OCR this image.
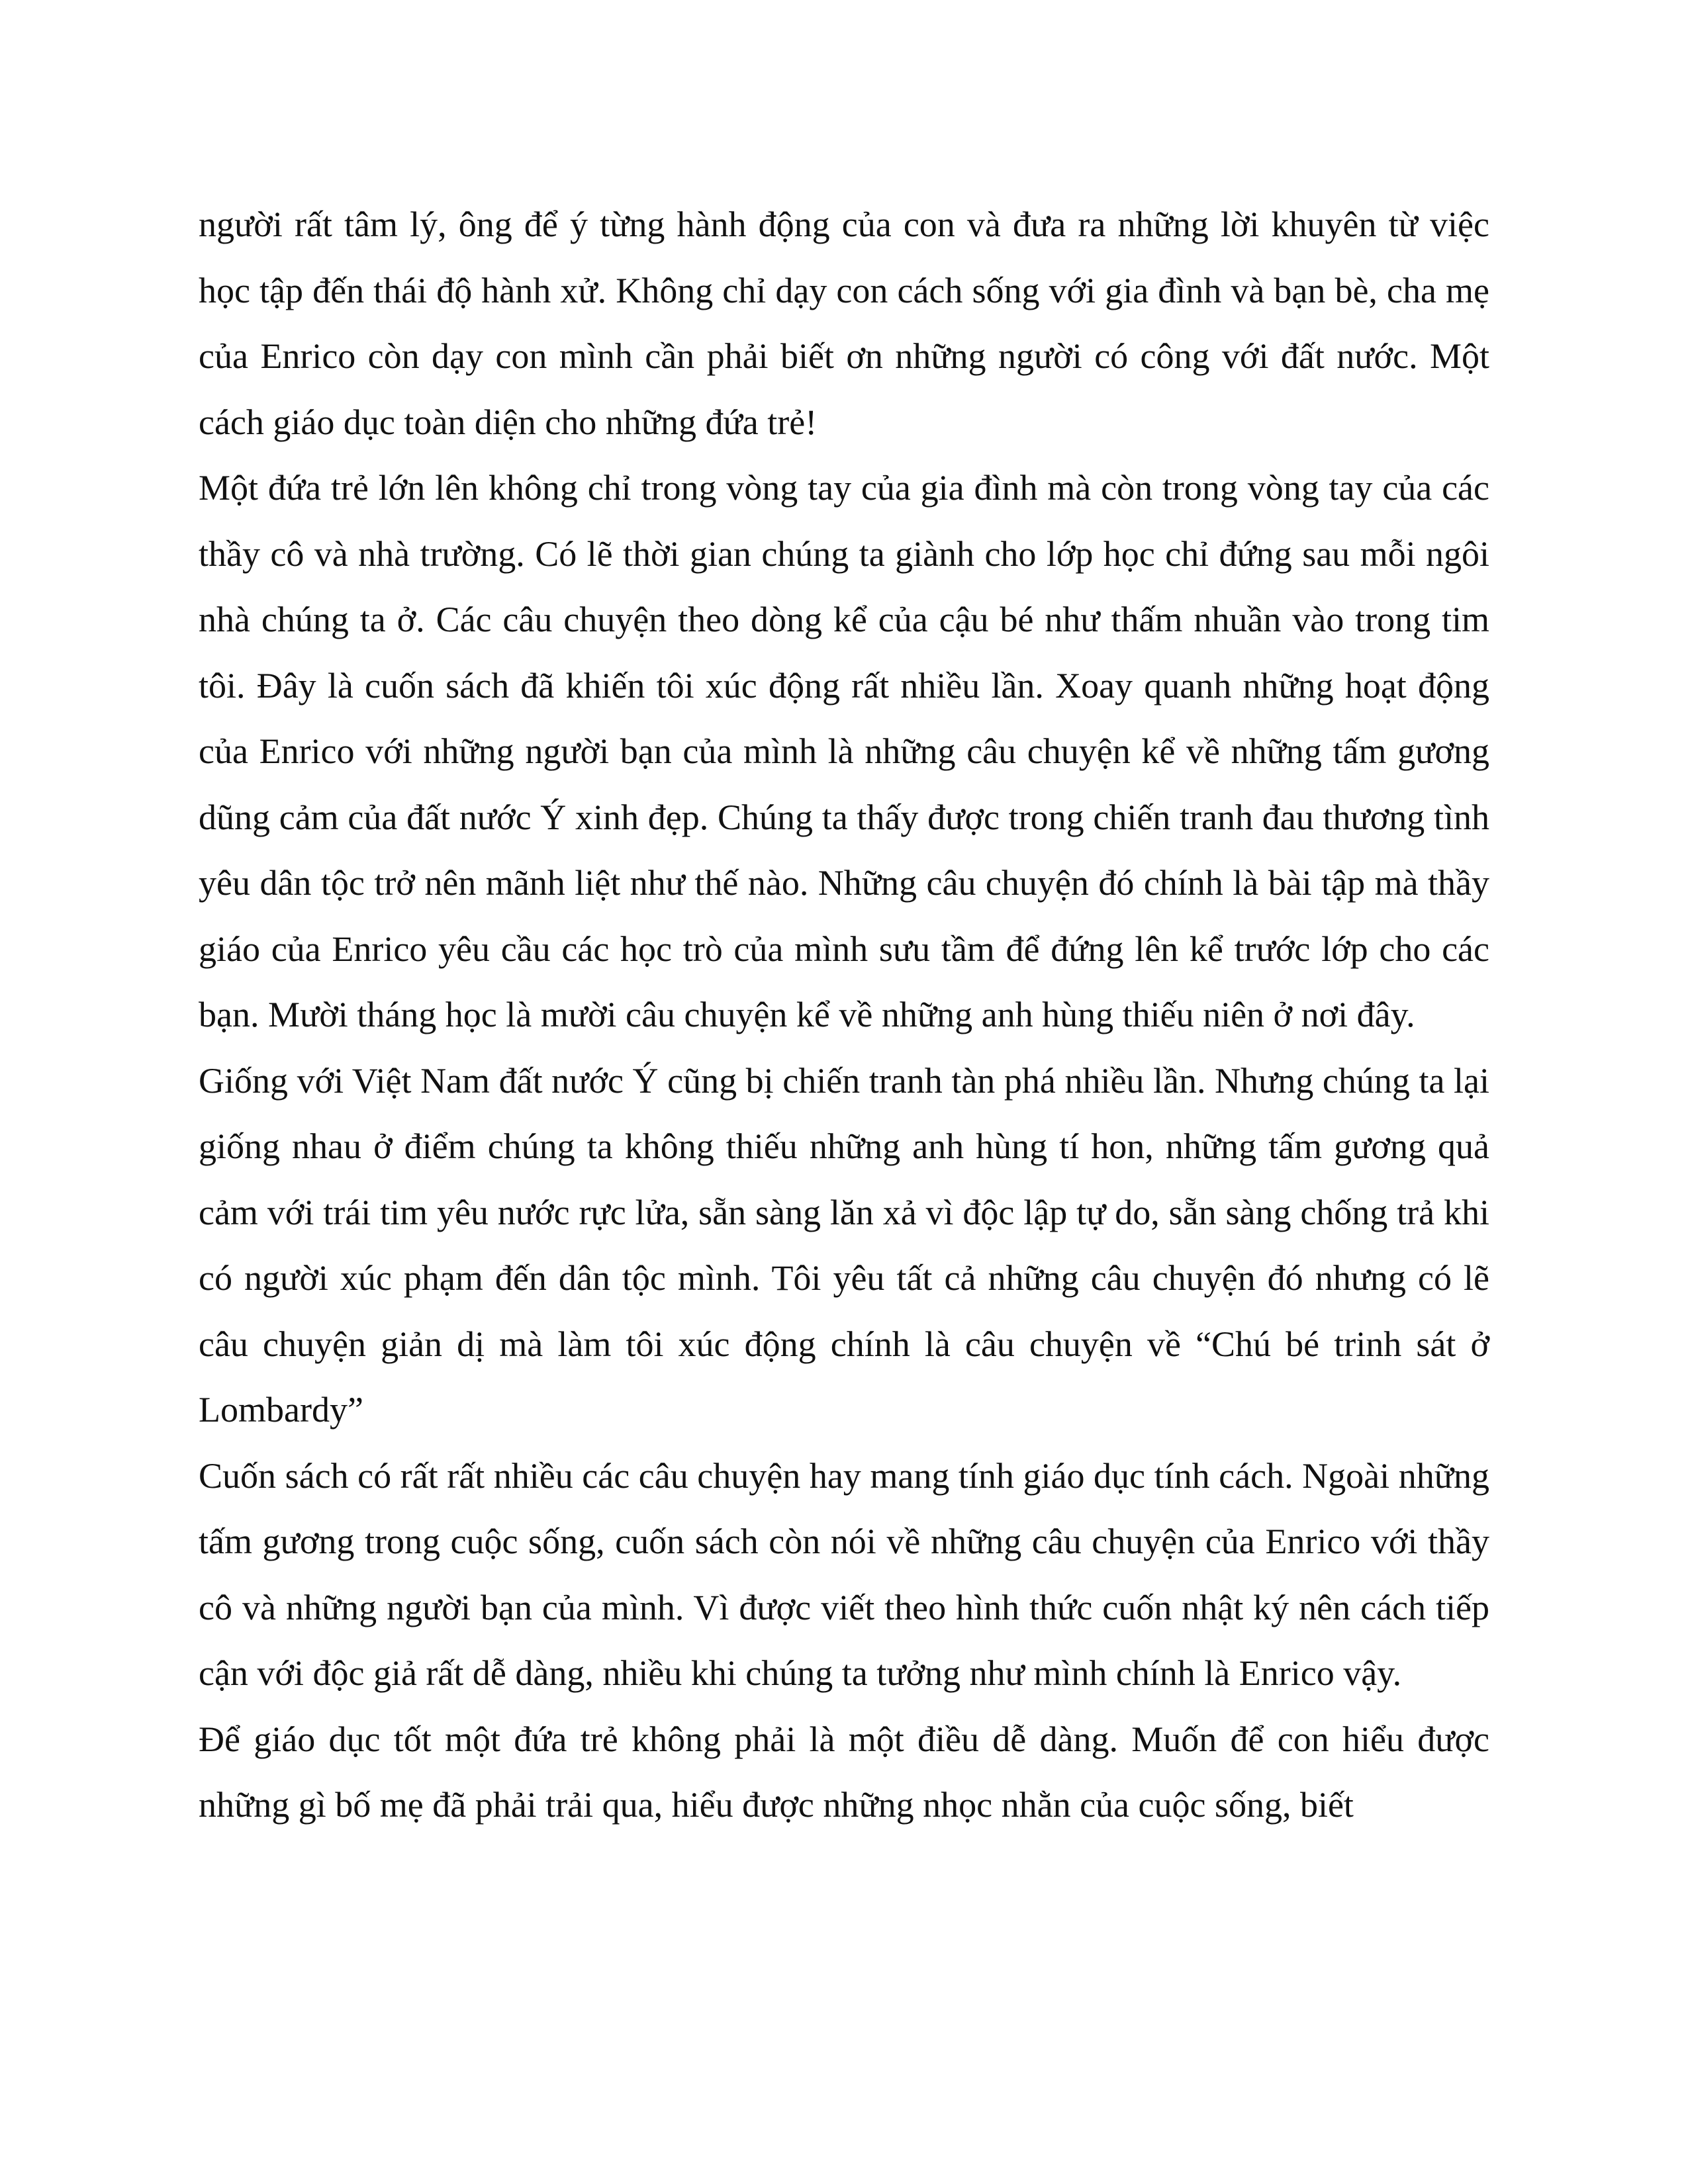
người rất tâm lý, ông để ý từng hành động của con và đưa ra những lời khuyên từ việc học tập đến thái độ hành xử. Không chỉ dạy con cách sống với gia đình và bạn bè, cha mẹ của Enrico còn dạy con mình cần phải biết ơn những người có công với đất nước. Một cách giáo dục toàn diện cho những đứa trẻ!

Một đứa trẻ lớn lên không chỉ trong vòng tay của gia đình mà còn trong vòng tay của các thầy cô và nhà trường. Có lẽ thời gian chúng ta giành cho lớp học chỉ đứng sau mỗi ngôi nhà chúng ta ở. Các câu chuyện theo dòng kể của cậu bé như thấm nhuần vào trong tim tôi. Đây là cuốn sách đã khiến tôi xúc động rất nhiều lần. Xoay quanh những hoạt động của Enrico với những người bạn của mình là những câu chuyện kể về những tấm gương dũng cảm của đất nước Ý xinh đẹp. Chúng ta thấy được trong chiến tranh đau thương tình yêu dân tộc trở nên mãnh liệt như thế nào. Những câu chuyện đó chính là bài tập mà thầy giáo của Enrico yêu cầu các học trò của mình sưu tầm để đứng lên kể trước lớp cho các bạn. Mười tháng học là mười câu chuyện kể về những anh hùng thiếu niên ở nơi đây.

Giống với Việt Nam đất nước Ý cũng bị chiến tranh tàn phá nhiều lần. Nhưng chúng ta lại giống nhau ở điểm chúng ta không thiếu những anh hùng tí hon, những tấm gương quả cảm với trái tim yêu nước rực lửa, sẵn sàng lăn xả vì độc lập tự do, sẵn sàng chống trả khi có người xúc phạm đến dân tộc mình. Tôi yêu tất cả những câu chuyện đó nhưng có lẽ câu chuyện giản dị mà làm tôi xúc động chính là câu chuyện về “Chú bé trinh sát ở Lombardy”

Cuốn sách có rất rất nhiều các câu chuyện hay mang tính giáo dục tính cách. Ngoài những tấm gương trong cuộc sống, cuốn sách còn nói về những câu chuyện của Enrico với thầy cô và những người bạn của mình. Vì được viết theo hình thức cuốn nhật ký nên cách tiếp cận với độc giả rất dễ dàng, nhiều khi chúng ta tưởng như mình chính là Enrico vậy.

Để giáo dục tốt một đứa trẻ không phải là một điều dễ dàng. Muốn để con hiểu được những gì bố mẹ đã phải trải qua, hiểu được những nhọc nhằn của cuộc sống, biết
